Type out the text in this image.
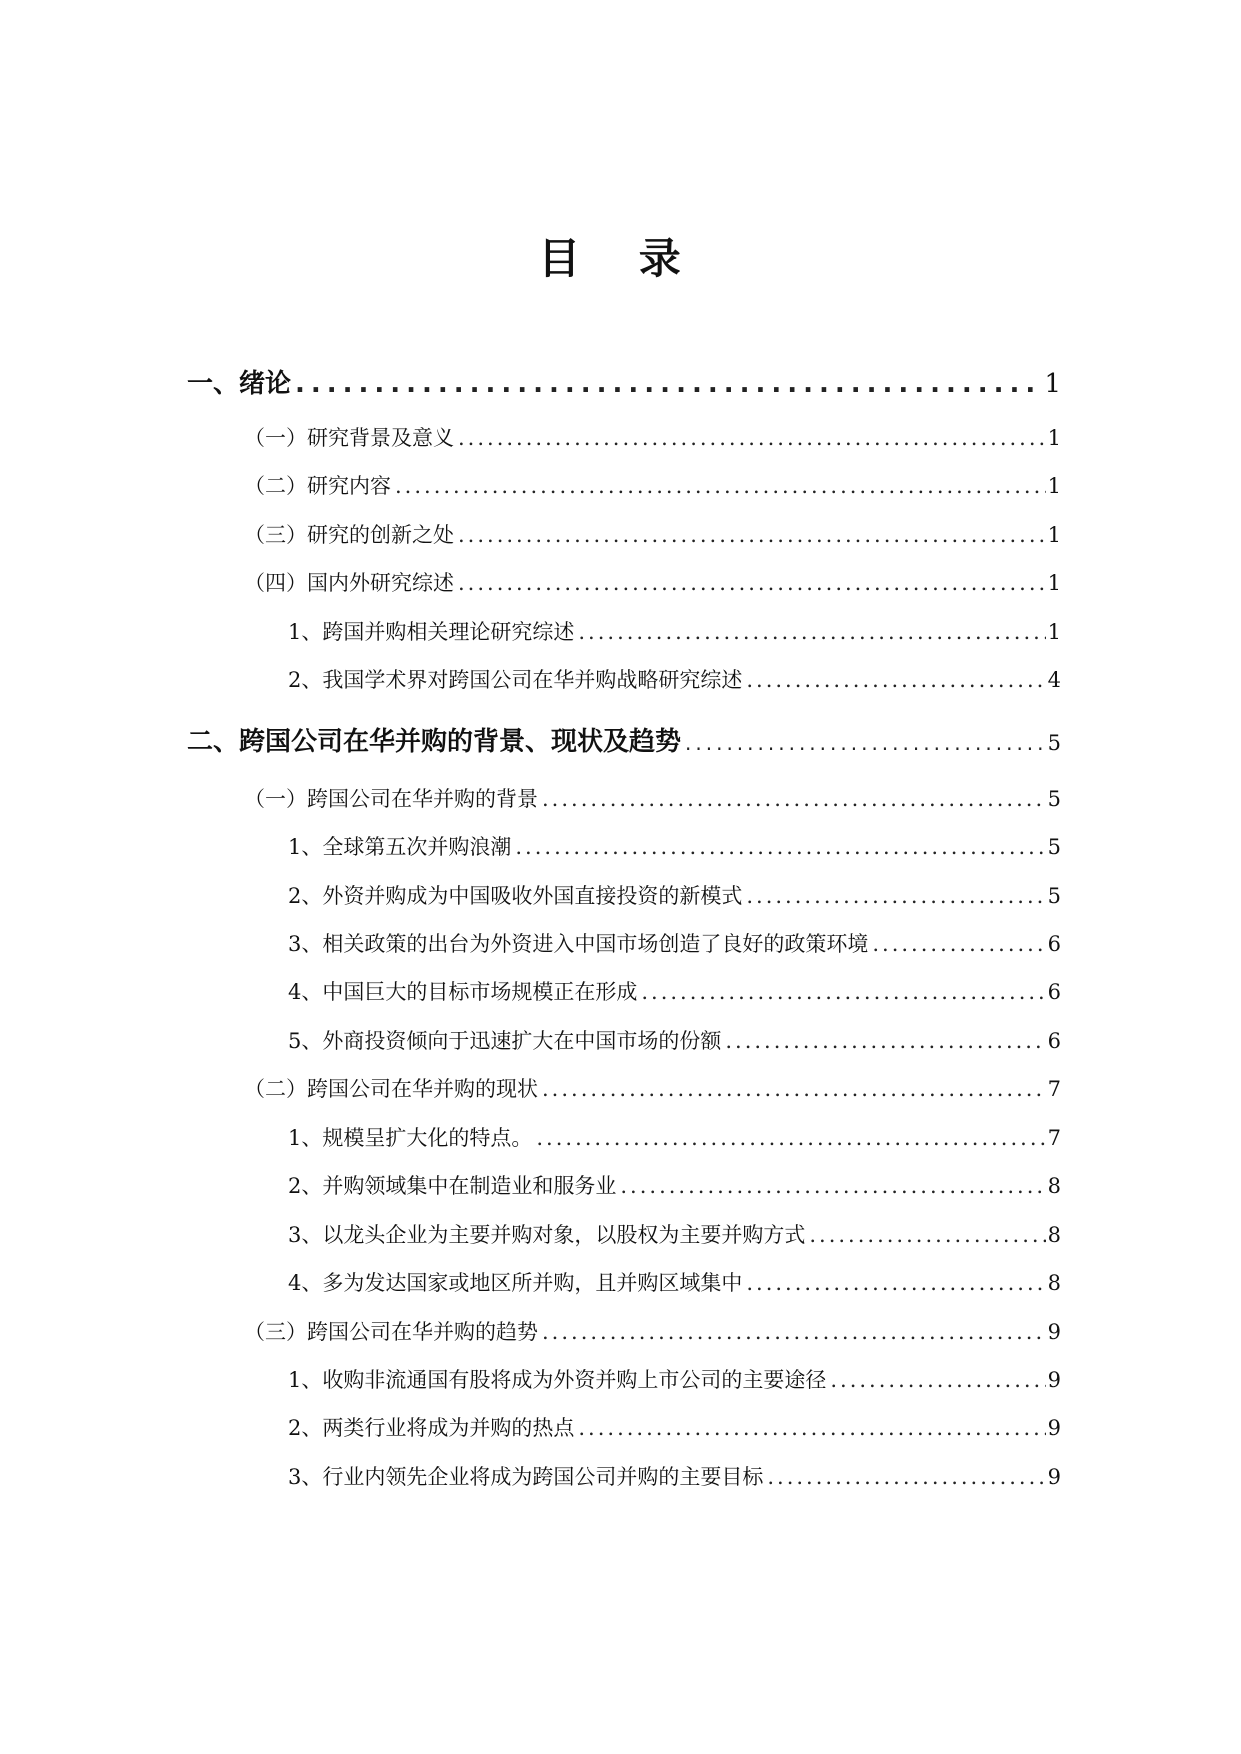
目 录
一、绪论 .....	1
（一）研究背景及意义 .....	1
（二）研究内容 .....	1
（三）研究的创新之处 .....	1
（四）国内外研究综述 .....	1
1、跨国并购相关理论研究综述 .....	1
2、我国学术界对跨国公司在华并购战略研究综述 .....	4
二、跨国公司在华并购的背景、现状及趋势 .....	5
（一）跨国公司在华并购的背景 .....	5
1、全球第五次并购浪潮 .....	5
2、外资并购成为中国吸收外国直接投资的新模式 .....	5
3、相关政策的出台为外资进入中国市场创造了良好的政策环境 .....	6
4、中国巨大的目标市场规模正在形成 .....	6
5、外商投资倾向于迅速扩大在中国市场的份额 .....	6
（二）跨国公司在华并购的现状 .....	7
1、规模呈扩大化的特点。 .....	7
2、并购领域集中在制造业和服务业 .....	8
3、以龙头企业为主要并购对象，以股权为主要并购方式 .....	8
4、多为发达国家或地区所并购，且并购区域集中 .....	8
（三）跨国公司在华并购的趋势 .....	9
1、收购非流通国有股将成为外资并购上市公司的主要途径 .....	9
2、两类行业将成为并购的热点 .....	9
3、行业内领先企业将成为跨国公司并购的主要目标 .....	9
